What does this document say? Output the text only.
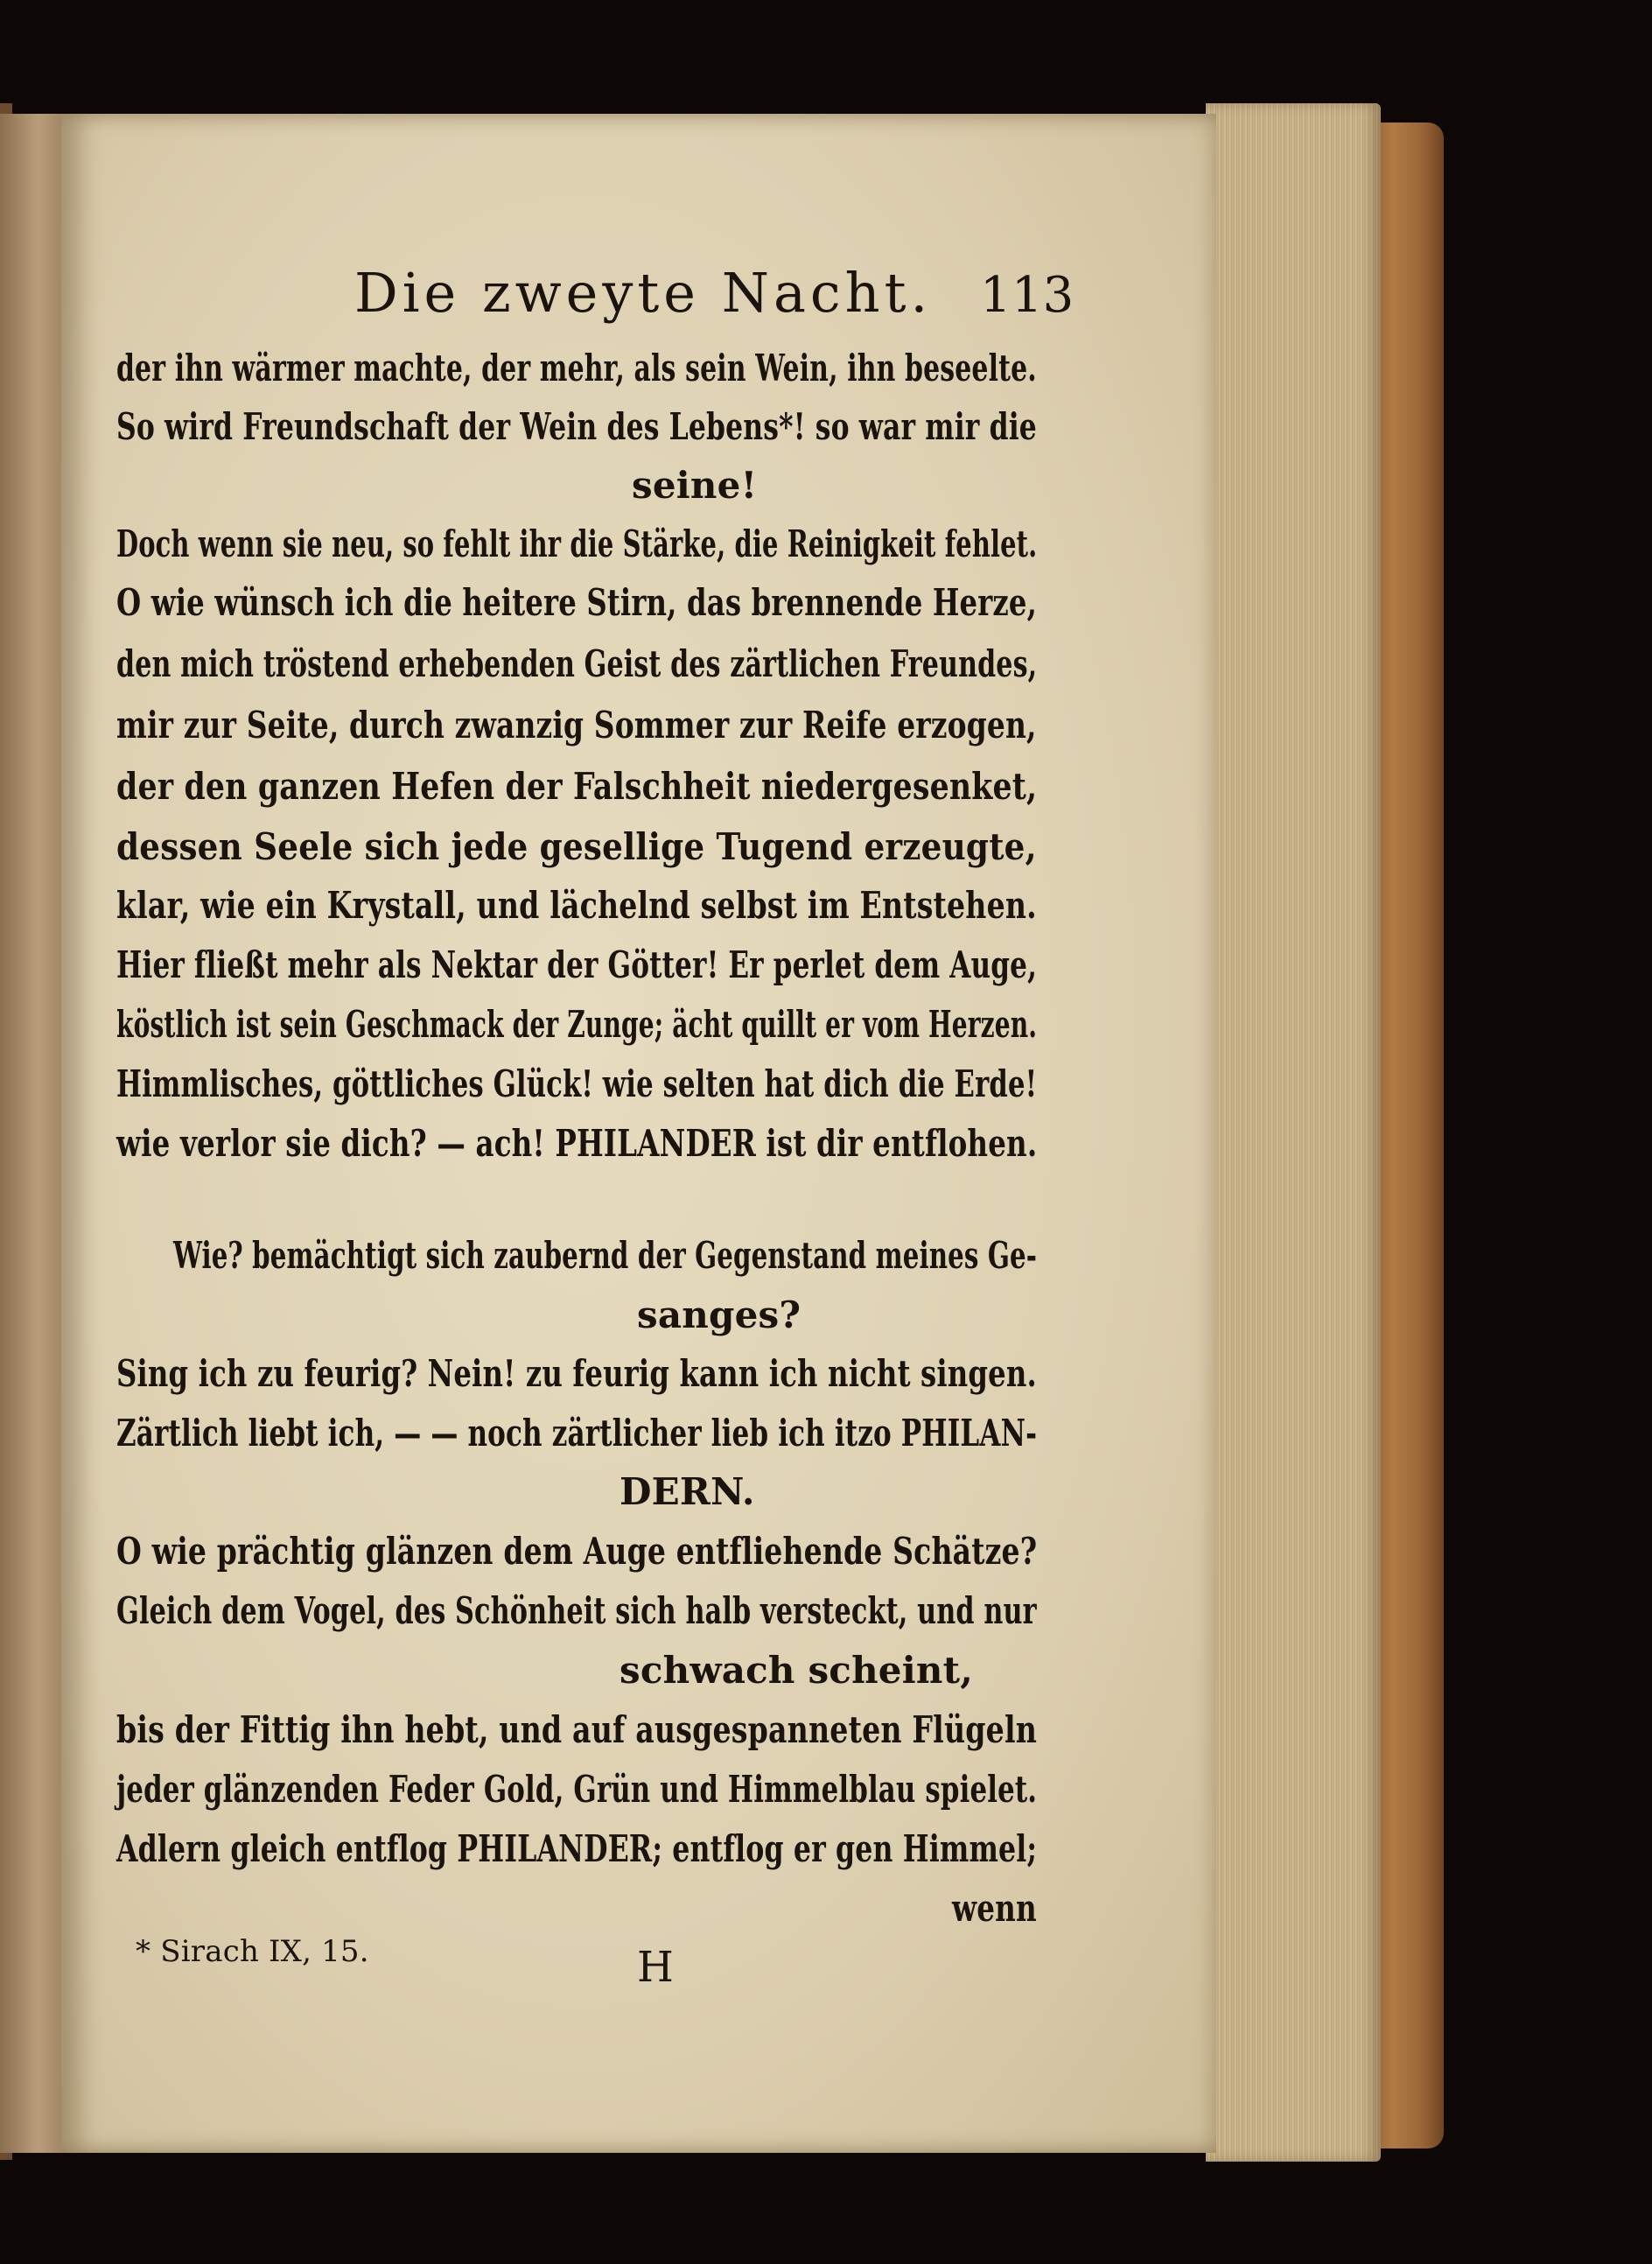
Die zweyte Nacht. 113
der ihn wärmer machte, der mehr, als sein Wein, ihn beseelte.
So wird Freundschaft der Wein des Lebens*! so war mir die
seine!
Doch wenn sie neu, so fehlt ihr die Stärke, die Reinigkeit fehlet.
O wie wünsch ich die heitere Stirn, das brennende Herze,
den mich tröstend erhebenden Geist des zärtlichen Freundes,
mir zur Seite, durch zwanzig Sommer zur Reife erzogen,
der den ganzen Hefen der Falschheit niedergesenket,
dessen Seele sich jede gesellige Tugend erzeugte,
klar, wie ein Krystall, und lächelnd selbst im Entstehen.
Hier fließt mehr als Nektar der Götter! Er perlet dem Auge,
köstlich ist sein Geschmack der Zunge; ächt quillt er vom Herzen.
Himmlisches, göttliches Glück! wie selten hat dich die Erde!
wie verlor sie dich? — ach! PHILANDER ist dir entflohen.
Wie? bemächtigt sich zaubernd der Gegenstand meines Ge-
sanges?
Sing ich zu feurig? Nein! zu feurig kann ich nicht singen.
Zärtlich liebt ich, — — noch zärtlicher lieb ich itzo PHILAN-
DERN.
O wie prächtig glänzen dem Auge entfliehende Schätze?
Gleich dem Vogel, des Schönheit sich halb versteckt, und nur
schwach scheint,
bis der Fittig ihn hebt, und auf ausgespanneten Flügeln
jeder glänzenden Feder Gold, Grün und Himmelblau spielet.
Adlern gleich entflog PHILANDER; entflog er gen Himmel;
wenn
* Sirach IX, 15.	H
